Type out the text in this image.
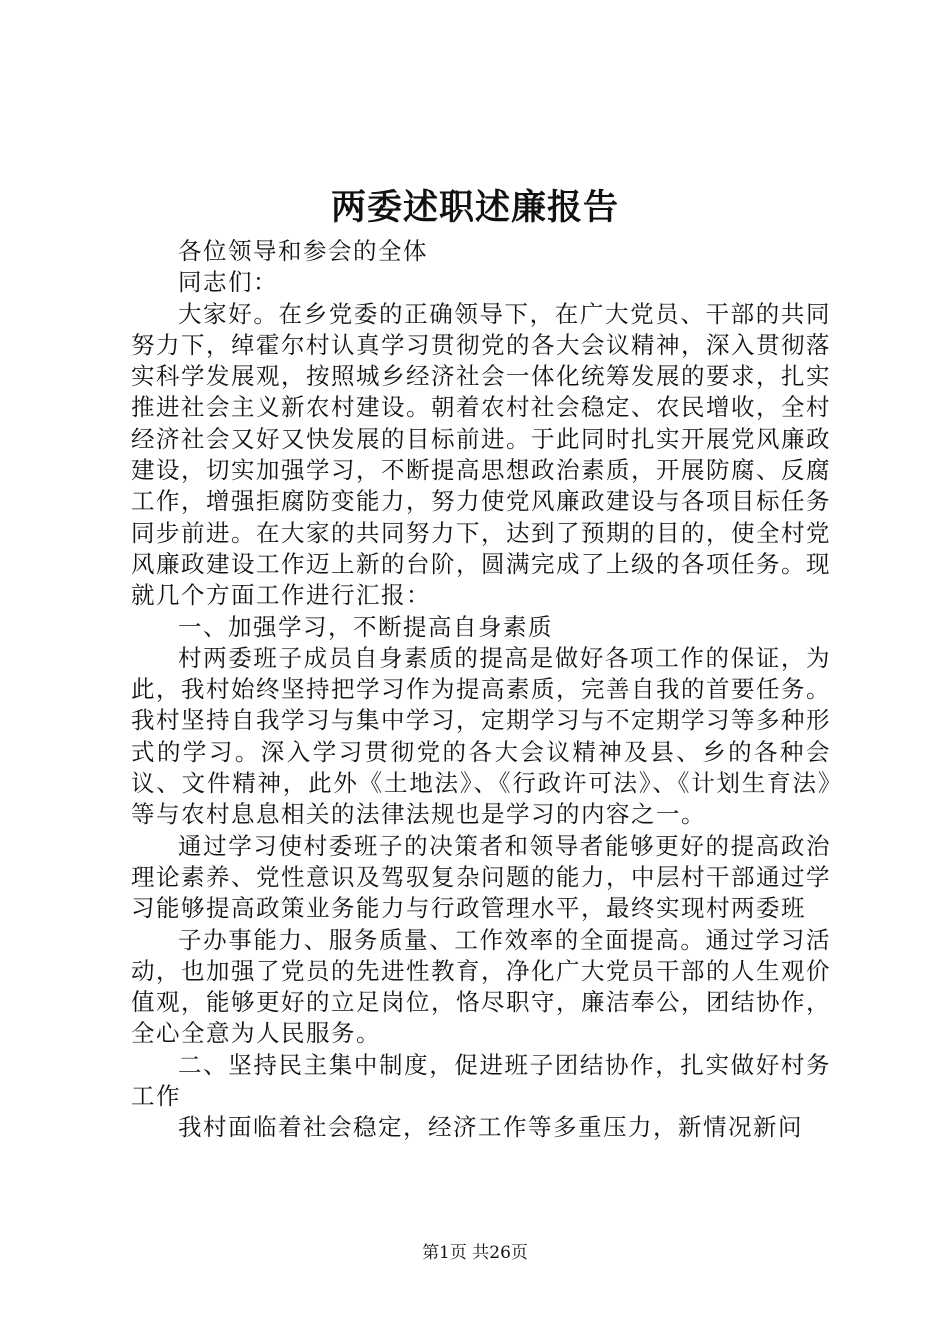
两委述职述廉报告

各位领导和参会的全体

同志们：

大家好。在乡党委的正确领导下，在广大党员、干部的共同努力下，绰霍尔村认真学习贯彻党的各大会议精神，深入贯彻落实科学发展观，按照城乡经济社会一体化统筹发展的要求，扎实推进社会主义新农村建设。朝着农村社会稳定、农民增收，全村经济社会又好又快发展的目标前进。于此同时扎实开展党风廉政建设，切实加强学习，不断提高思想政治素质，开展防腐、反腐工作，增强拒腐防变能力，努力使党风廉政建设与各项目标任务同步前进。在大家的共同努力下，达到了预期的目的，使全村党风廉政建设工作迈上新的台阶，圆满完成了上级的各项任务。现就几个方面工作进行汇报：

一、加强学习，不断提高自身素质

村两委班子成员自身素质的提高是做好各项工作的保证，为此，我村始终坚持把学习作为提高素质，完善自我的首要任务。我村坚持自我学习与集中学习，定期学习与不定期学习等多种形式的学习。深入学习贯彻党的各大会议精神及县、乡的各种会议、文件精神，此外《土地法》、《行政许可法》、《计划生育法》等与农村息息相关的法律法规也是学习的内容之一。

通过学习使村委班子的决策者和领导者能够更好的提高政治理论素养、党性意识及驾驭复杂问题的能力，中层村干部通过学习能够提高政策业务能力与行政管理水平，最终实现村两委班

子办事能力、服务质量、工作效率的全面提高。通过学习活动，也加强了党员的先进性教育，净化广大党员干部的人生观价值观，能够更好的立足岗位，恪尽职守，廉洁奉公，团结协作，全心全意为人民服务。

二、坚持民主集中制度，促进班子团结协作，扎实做好村务工作

我村面临着社会稳定，经济工作等多重压力，新情况新问

第1页 共26页
